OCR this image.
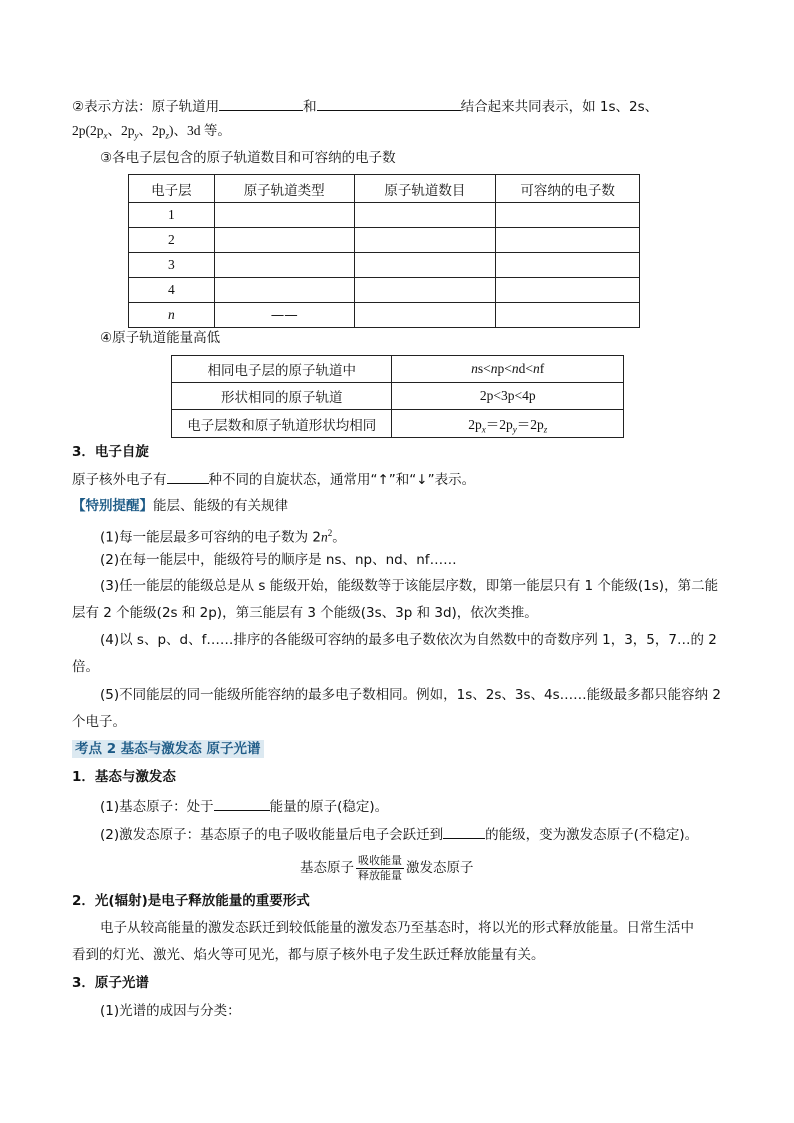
②表示方法：原子轨道用	和	结合起来共同表示，如 1s、2s、
$2p(2p_x$、$2p_y$、$2p_z$)、3d 等。
③各电子层包含的原子轨道数目和可容纳的电子数
电子层	原子轨道类型	原子轨道数目	可容纳的电子数
1			
2			
3			
4			
n	——		
④原子轨道能量高低
相同电子层的原子轨道中	ns<np<nd<nf
形状相同的原子轨道	2p<3p<4p
电子层数和原子轨道形状均相同	$2p_x=2p_y=2p_z$
3．电子自旋
原子核外电子有	种不同的自旋状态，通常用“↑”和“↓”表示。
【特别提醒】能层、能级的有关规律
(1)每一能层最多可容纳的电子数为 $2n^2$。
(2)在每一能层中，能级符号的顺序是 ns、np、nd、nf……
(3)任一能层的能级总是从 s 能级开始，能级数等于该能层序数，即第一能层只有 1 个能级(1s)，第二能
层有 2 个能级(2s 和 2p)，第三能层有 3 个能级(3s、3p 和 3d)，依次类推。
(4)以 s、p、d、f……排序的各能级可容纳的最多电子数依次为自然数中的奇数序列 1，3，5，7…的 2
倍。
(5)不同能层的同一能级所能容纳的最多电子数相同。例如，1s、2s、3s、4s……能级最多都只能容纳 2
个电子。
考点 2 基态与激发态 原子光谱
1．基态与激发态
(1)基态原子：处于	能量的原子(稳定)。
(2)激发态原子：基态原子的电子吸收能量后电子会跃迁到	的能级，变为激发态原子(不稳定)。
基态原子 $\frac{\text{吸收能量}}{\text{释放能量}}$ 激发态原子
2．光(辐射)是电子释放能量的重要形式
电子从较高能量的激发态跃迁到较低能量的激发态乃至基态时，将以光的形式释放能量。日常生活中
看到的灯光、激光、焰火等可见光，都与原子核外电子发生跃迁释放能量有关。
3．原子光谱
(1)光谱的成因与分类：
